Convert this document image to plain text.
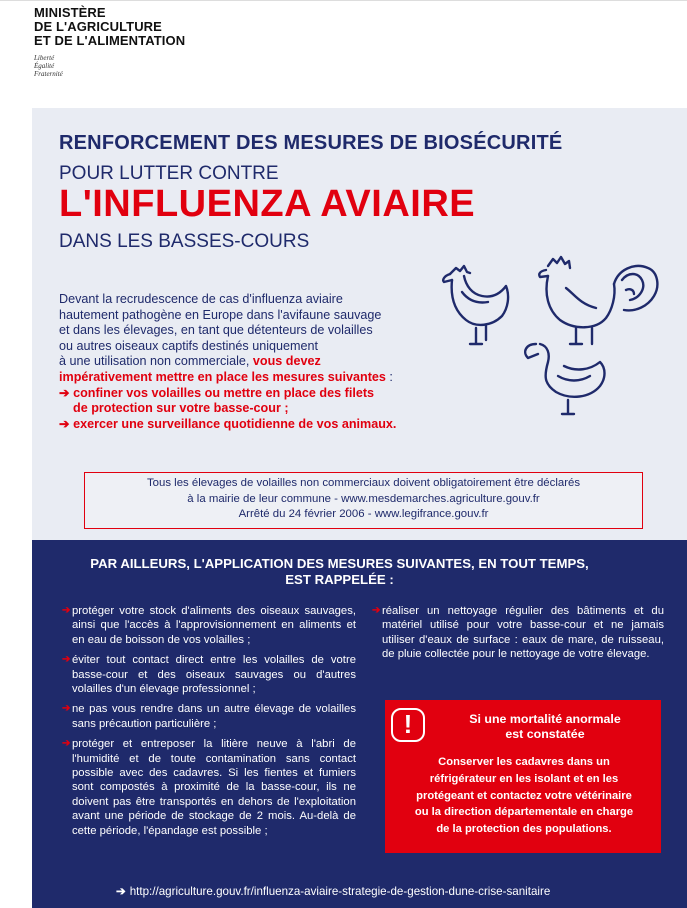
MINISTÈRE
DE L'AGRICULTURE
ET DE L'ALIMENTATION
Liberté
Égalité
Fraternité
RENFORCEMENT DES MESURES DE BIOSÉCURITÉ
POUR LUTTER CONTRE
L'INFLUENZA AVIAIRE
DANS LES BASSES-COURS
Devant la recrudescence de cas d'influenza aviaire
hautement pathogène en Europe dans l'avifaune sauvage
et dans les élevages, en tant que détenteurs de volailles
ou autres oiseaux captifs destinés uniquement
à une utilisation non commerciale, vous devez
impérativement mettre en place les mesures suivantes :
➔ confiner vos volailles ou mettre en place des filets

de protection sur votre basse-cour ;
➔ exercer une surveillance quotidienne de vos animaux.
Tous les élevages de volailles non commerciaux doivent obligatoirement être déclarés
à la mairie de leur commune - www.mesdemarches.agriculture.gouv.fr
Arrêté du 24 février 2006 - www.legifrance.gouv.fr
PAR AILLEURS, L'APPLICATION DES MESURES SUIVANTES, EN TOUT TEMPS,
EST RAPPELÉE :
➔ protéger votre stock d'aliments des oiseaux sauvages, ainsi que l'accès à l'approvisionnement en aliments et en eau de boisson de vos volailles ;
➔ éviter tout contact direct entre les volailles de votre basse-cour et des oiseaux sauvages ou d'autres volailles d'un élevage professionnel ;
➔ ne pas vous rendre dans un autre élevage de volailles sans précaution particulière ;
➔ protéger et entreposer la litière neuve à l'abri de l'humidité et de toute contamination sans contact possible avec des cadavres. Si les fientes et fumiers sont compostés à proximité de la basse-cour, ils ne doivent pas être transportés en dehors de l'exploitation avant une période de stockage de 2 mois. Au-delà de cette période, l'épandage est possible ;
➔ réaliser un nettoyage régulier des bâtiments et du matériel utilisé pour votre basse-cour et ne jamais utiliser d'eaux de surface : eaux de mare, de ruisseau, de pluie collectée pour le nettoyage de votre élevage.
!	Si une mortalité anormale
est constatée
Conserver les cadavres dans un
réfrigérateur en les isolant et en les
protégeant et contactez votre vétérinaire
ou la direction départementale en charge
de la protection des populations.
➔ http://agriculture.gouv.fr/influenza-aviaire-strategie-de-gestion-dune-crise-sanitaire
